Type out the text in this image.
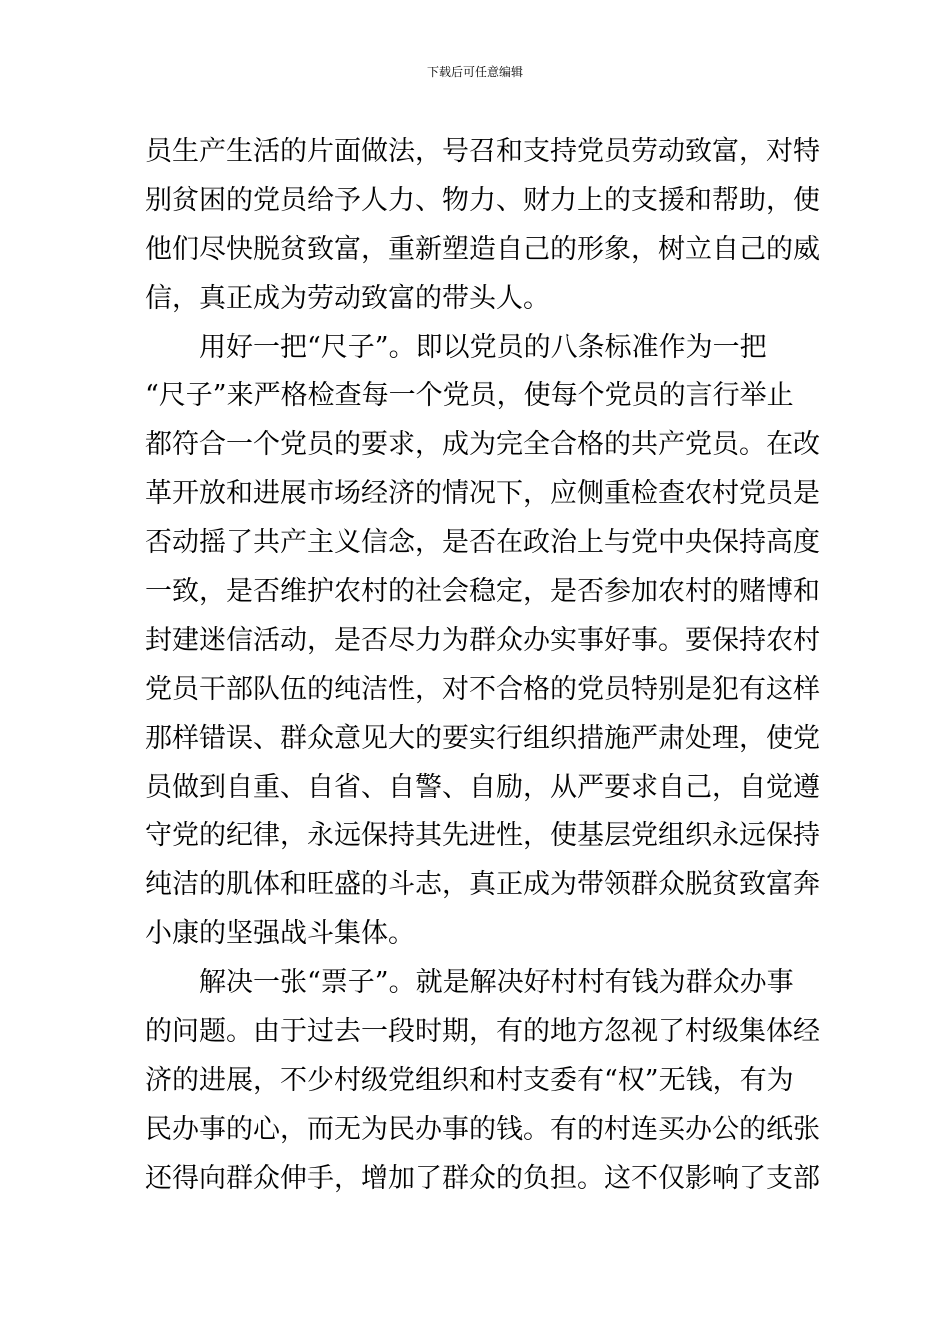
下载后可任意编辑
员生产生活的片面做法，号召和支持党员劳动致富，对特
别贫困的党员给予人力、物力、财力上的支援和帮助，使
他们尽快脱贫致富，重新塑造自己的形象，树立自己的威
信，真正成为劳动致富的带头人。
用好一把“尺子”。即以党员的八条标准作为一把
“尺子”来严格检查每一个党员，使每个党员的言行举止
都符合一个党员的要求，成为完全合格的共产党员。在改
革开放和进展市场经济的情况下，应侧重检查农村党员是
否动摇了共产主义信念，是否在政治上与党中央保持高度
一致，是否维护农村的社会稳定，是否参加农村的赌博和
封建迷信活动，是否尽力为群众办实事好事。要保持农村
党员干部队伍的纯洁性，对不合格的党员特别是犯有这样
那样错误、群众意见大的要实行组织措施严肃处理，使党
员做到自重、自省、自警、自励，从严要求自己，自觉遵
守党的纪律，永远保持其先进性，使基层党组织永远保持
纯洁的肌体和旺盛的斗志，真正成为带领群众脱贫致富奔
小康的坚强战斗集体。
解决一张“票子”。就是解决好村村有钱为群众办事
的问题。由于过去一段时期，有的地方忽视了村级集体经
济的进展，不少村级党组织和村支委有“权”无钱，有为
民办事的心，而无为民办事的钱。有的村连买办公的纸张
还得向群众伸手，增加了群众的负担。这不仅影响了支部
